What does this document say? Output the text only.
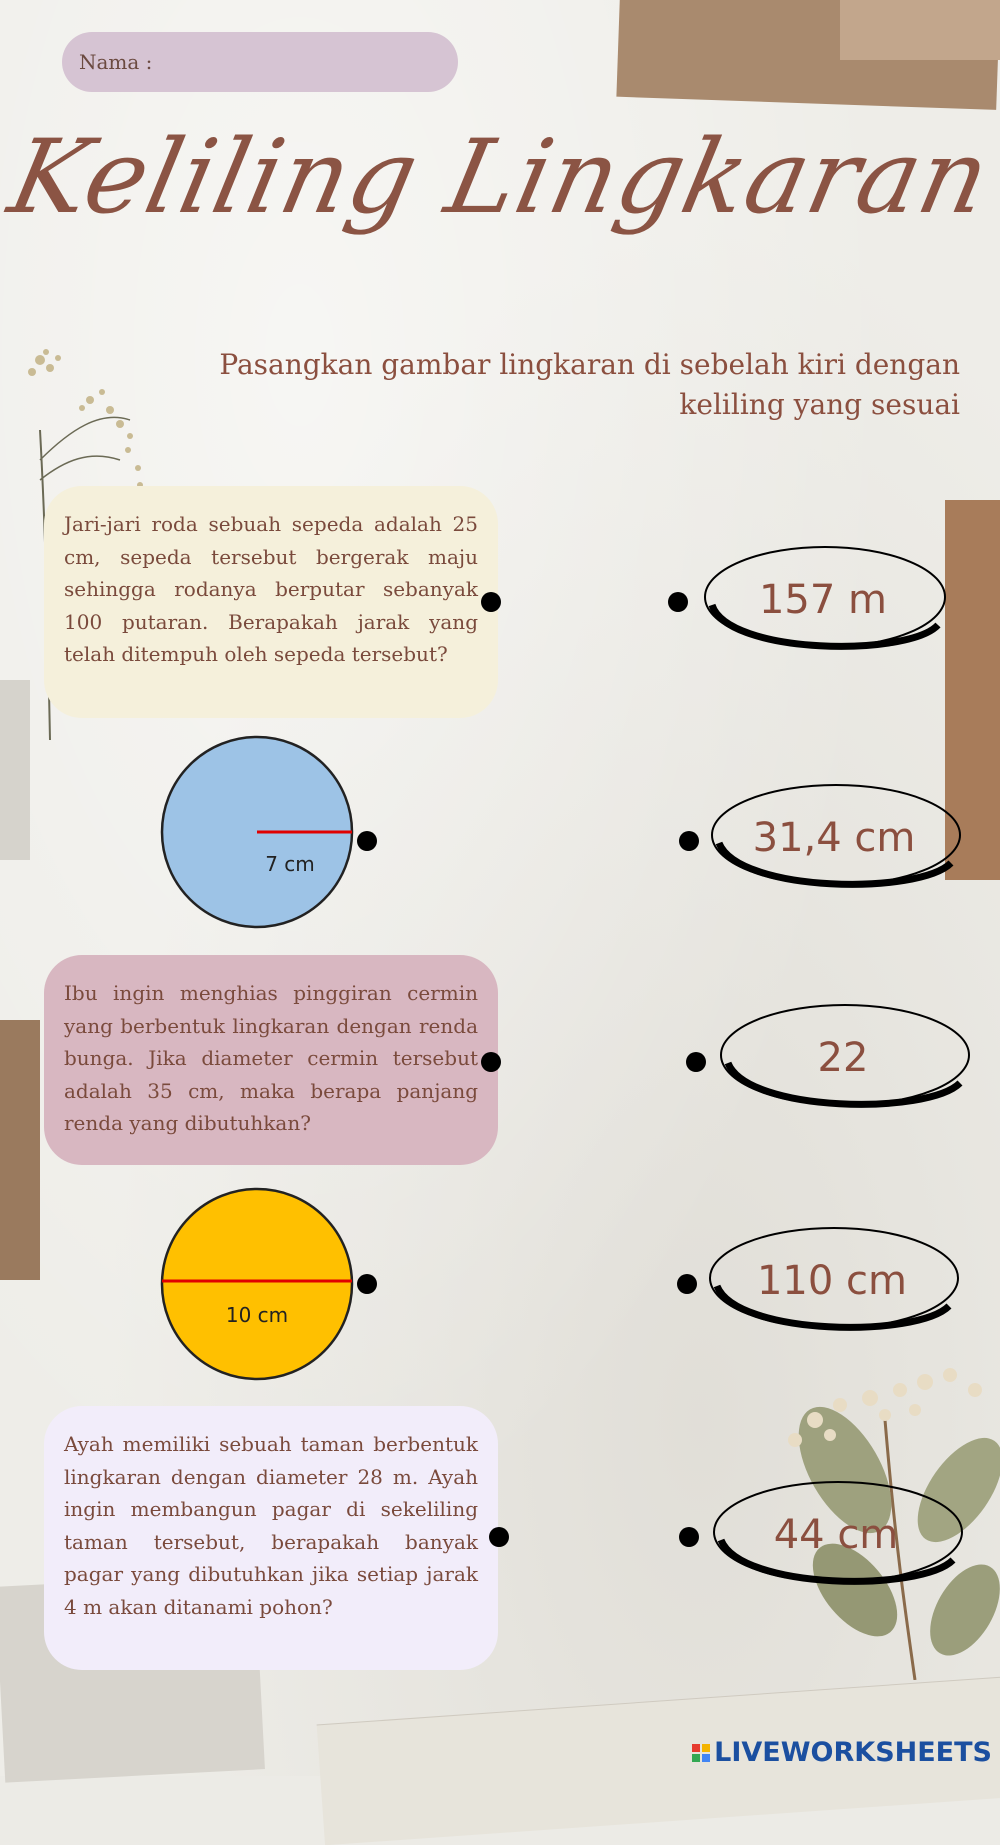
Nama :
Keliling Lingkaran
Pasangkan gambar lingkaran di sebelah kiri dengan
keliling yang sesuai
Jari-jari roda sebuah sepeda adalah 25 cm, sepeda tersebut bergerak maju sehingga rodanya berputar sebanyak 100 putaran. Berapakah jarak yang telah ditempuh oleh sepeda tersebut?
7 cm
Ibu ingin menghias pinggiran cermin yang berbentuk lingkaran dengan renda bunga. Jika diameter cermin tersebut adalah 35 cm, maka berapa panjang renda yang dibutuhkan?
10 cm
Ayah memiliki sebuah taman berbentuk lingkaran dengan diameter 28 m. Ayah ingin membangun pagar di sekeliling taman tersebut, berapakah banyak pagar yang dibutuhkan jika setiap jarak 4 m akan ditanami pohon?
157 m
31,4 cm
22
110 cm
44 cm
LIVEWORKSHEETS
